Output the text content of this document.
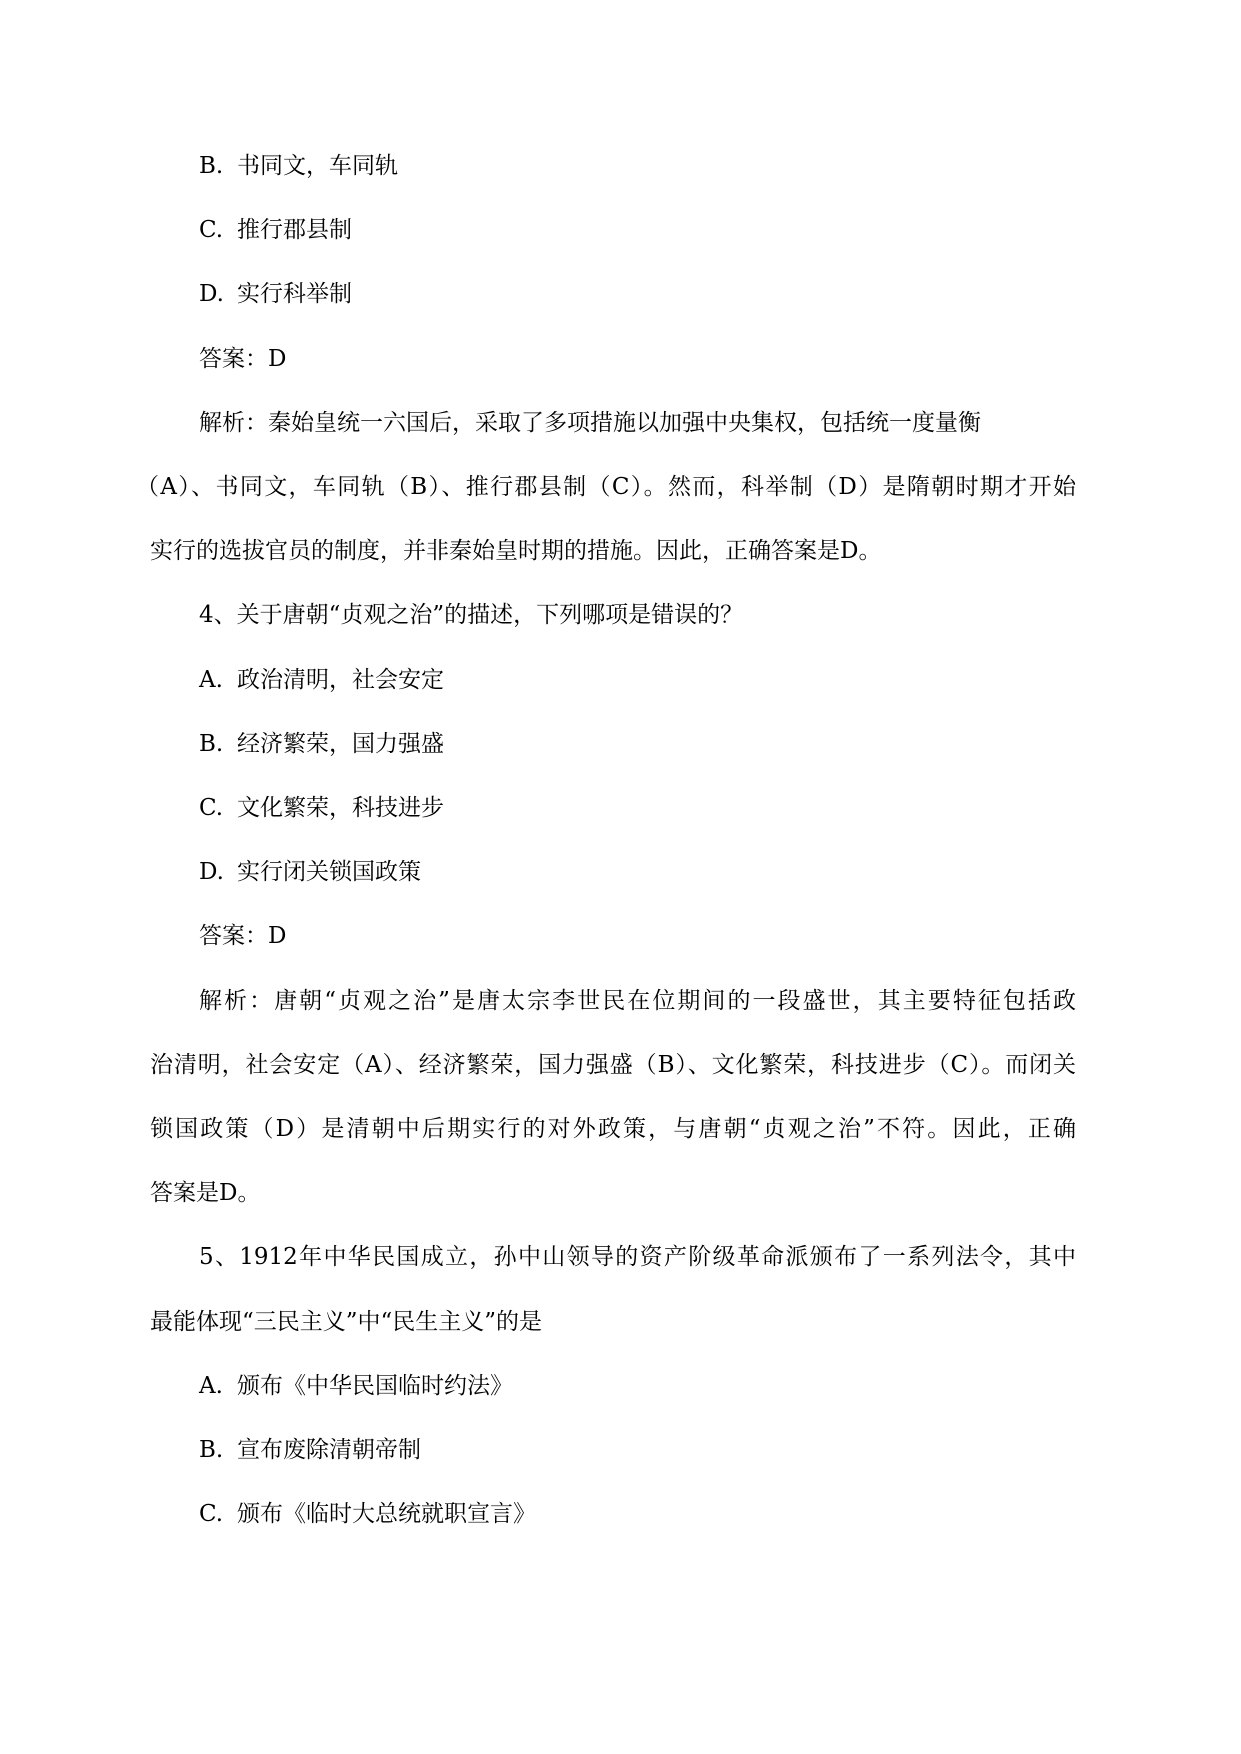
B. 书同文，车同轨
C. 推行郡县制
D. 实行科举制
答案：D
解析：秦始皇统一六国后，采取了多项措施以加强中央集权，包括统一度量衡
（A）、书同文，车同轨（B）、推行郡县制（C）。然而，科举制（D）是隋朝时期才开始
实行的选拔官员的制度，并非秦始皇时期的措施。因此，正确答案是D。
4、关于唐朝“贞观之治”的描述，下列哪项是错误的？
A. 政治清明，社会安定
B. 经济繁荣，国力强盛
C. 文化繁荣，科技进步
D. 实行闭关锁国政策
答案：D
解析：唐朝“贞观之治”是唐太宗李世民在位期间的一段盛世，其主要特征包括政
治清明，社会安定（A）、经济繁荣，国力强盛（B）、文化繁荣，科技进步（C）。而闭关
锁国政策（D）是清朝中后期实行的对外政策，与唐朝“贞观之治”不符。因此，正确
答案是D。
5、1912年中华民国成立，孙中山领导的资产阶级革命派颁布了一系列法令，其中
最能体现“三民主义”中“民生主义”的是
A. 颁布《中华民国临时约法》
B. 宣布废除清朝帝制
C. 颁布《临时大总统就职宣言》
